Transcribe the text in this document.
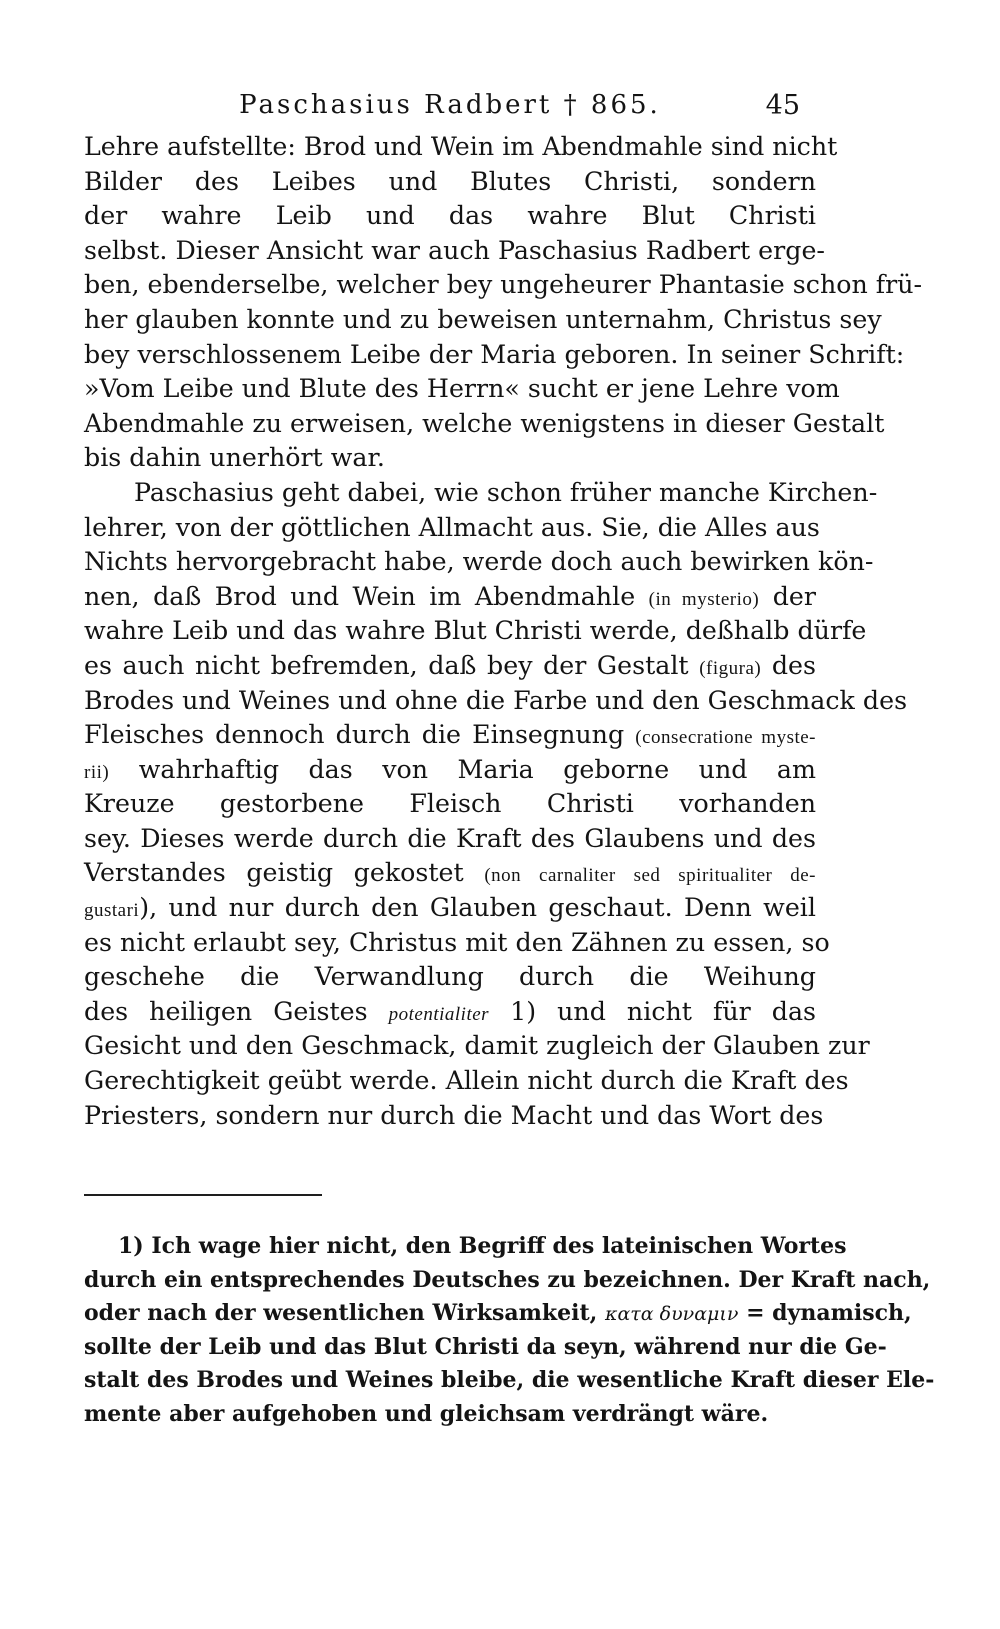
Paschasius Radbert † 865.	45
Lehre aufstellte: Brod und Wein im Abendmahle sind nicht
Bilder des Leibes und Blutes Christi, sondern
der wahre Leib und das wahre Blut Christi
selbst. Dieser Ansicht war auch Paschasius Radbert erge-
ben, ebenderselbe, welcher bey ungeheurer Phantasie schon frü-
her glauben konnte und zu beweisen unternahm, Christus sey
bey verschlossenem Leibe der Maria geboren. In seiner Schrift:
»Vom Leibe und Blute des Herrn« sucht er jene Lehre vom
Abendmahle zu erweisen, welche wenigstens in dieser Gestalt
bis dahin unerhört war.
Paschasius geht dabei, wie schon früher manche Kirchen-
lehrer, von der göttlichen Allmacht aus. Sie, die Alles aus
Nichts hervorgebracht habe, werde doch auch bewirken kön-
nen, daß Brod und Wein im Abendmahle (in mysterio) der
wahre Leib und das wahre Blut Christi werde, deßhalb dürfe
es auch nicht befremden, daß bey der Gestalt (figura) des
Brodes und Weines und ohne die Farbe und den Geschmack des
Fleisches dennoch durch die Einsegnung (consecratione myste-
rii) wahrhaftig das von Maria geborne und am
Kreuze gestorbene Fleisch Christi vorhanden
sey. Dieses werde durch die Kraft des Glaubens und des
Verstandes geistig gekostet (non carnaliter sed spiritualiter de-
gustari), und nur durch den Glauben geschaut. Denn weil
es nicht erlaubt sey, Christus mit den Zähnen zu essen, so
geschehe die Verwandlung durch die Weihung
des heiligen Geistes potentialiter 1) und nicht für das
Gesicht und den Geschmack, damit zugleich der Glauben zur
Gerechtigkeit geübt werde. Allein nicht durch die Kraft des
Priesters, sondern nur durch die Macht und das Wort des
1) Ich wage hier nicht, den Begriff des lateinischen Wortes
durch ein entsprechendes Deutsches zu bezeichnen. Der Kraft nach,
oder nach der wesentlichen Wirksamkeit, κατα δυναμιν = dynamisch,
sollte der Leib und das Blut Christi da seyn, während nur die Ge-
stalt des Brodes und Weines bleibe, die wesentliche Kraft dieser Ele-
mente aber aufgehoben und gleichsam verdrängt wäre.
